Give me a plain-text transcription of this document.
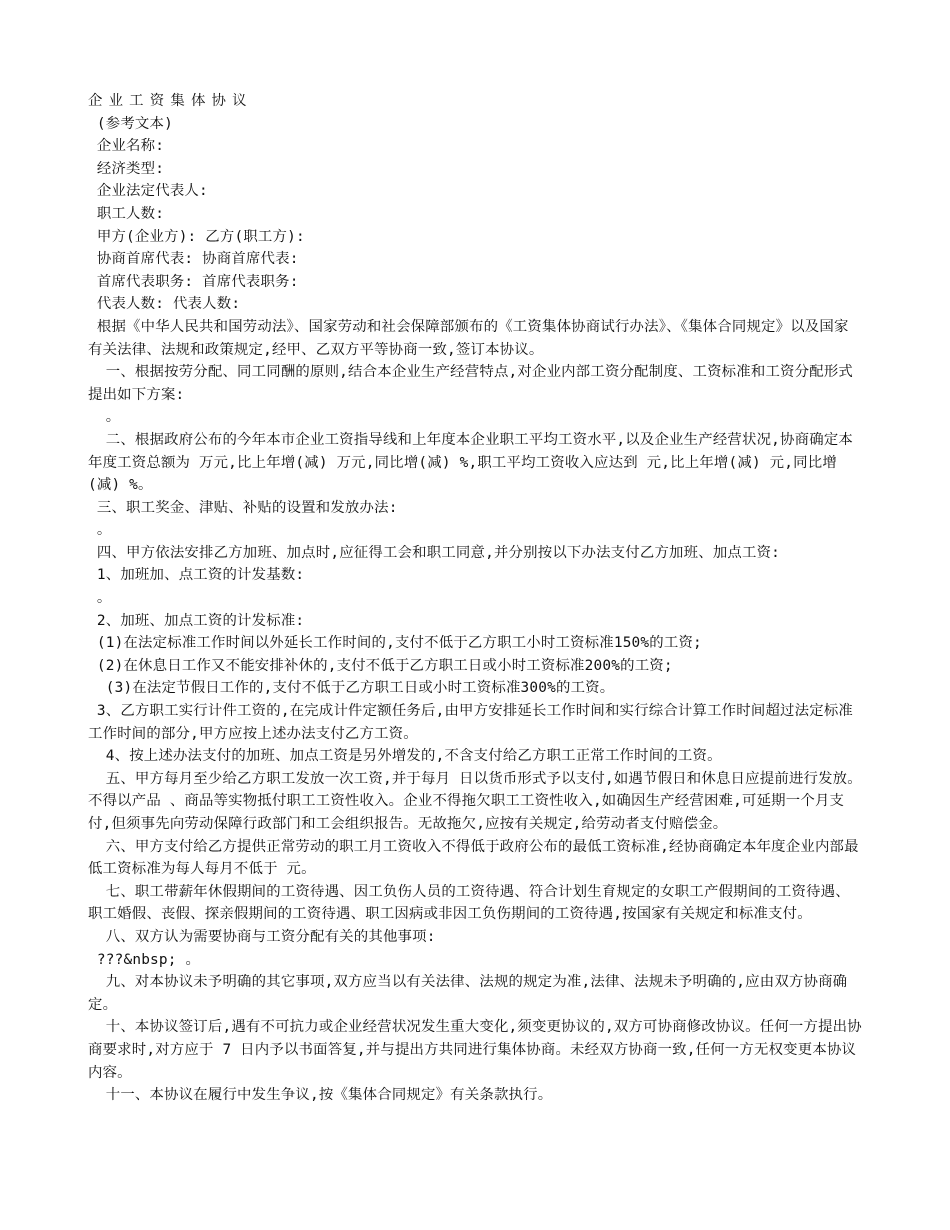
企业工资集体协议

(参考文本)

企业名称:

经济类型:

企业法定代表人:

职工人数:

甲方(企业方): 乙方(职工方):

协商首席代表: 协商首席代表:

首席代表职务: 首席代表职务:

代表人数: 代表人数:

根据《中华人民共和国劳动法》、国家劳动和社会保障部颁布的《工资集体协商试行办法》、《集体合同规定》以及国家有关法律、法规和政策规定,经甲、乙双方平等协商一致,签订本协议。

一、根据按劳分配、同工同酬的原则,结合本企业生产经营特点,对企业内部工资分配制度、工资标准和工资分配形式提出如下方案:

。

二、根据政府公布的今年本市企业工资指导线和上年度本企业职工平均工资水平,以及企业生产经营状况,协商确定本年度工资总额为 万元,比上年增(减) 万元,同比增(减) %,职工平均工资收入应达到 元,比上年增(减) 元,同比增(减) %。

三、职工奖金、津贴、补贴的设置和发放办法:

。

四、甲方依法安排乙方加班、加点时,应征得工会和职工同意,并分别按以下办法支付乙方加班、加点工资:

1、加班加、点工资的计发基数:

。

2、加班、加点工资的计发标准:

(1)在法定标准工作时间以外延长工作时间的,支付不低于乙方职工小时工资标准150%的工资;

(2)在休息日工作又不能安排补休的,支付不低于乙方职工日或小时工资标准200%的工资;

(3)在法定节假日工作的,支付不低于乙方职工日或小时工资标准300%的工资。

3、乙方职工实行计件工资的,在完成计件定额任务后,由甲方安排延长工作时间和实行综合计算工作时间超过法定标准工作时间的部分,甲方应按上述办法支付乙方工资。

4、按上述办法支付的加班、加点工资是另外增发的,不含支付给乙方职工正常工作时间的工资。

五、甲方每月至少给乙方职工发放一次工资,并于每月 日以货币形式予以支付,如遇节假日和休息日应提前进行发放。不得以产品 、商品等实物抵付职工工资性收入。企业不得拖欠职工工资性收入,如确因生产经营困难,可延期一个月支付,但须事先向劳动保障行政部门和工会组织报告。无故拖欠,应按有关规定,给劳动者支付赔偿金。

六、甲方支付给乙方提供正常劳动的职工月工资收入不得低于政府公布的最低工资标准,经协商确定本年度企业内部最低工资标准为每人每月不低于 元。

七、职工带薪年休假期间的工资待遇、因工负伤人员的工资待遇、符合计划生育规定的女职工产假期间的工资待遇、职工婚假、丧假、探亲假期间的工资待遇、职工因病或非因工负伤期间的工资待遇,按国家有关规定和标准支付。

八、双方认为需要协商与工资分配有关的其他事项:

???&nbsp; 。

九、对本协议未予明确的其它事项,双方应当以有关法律、法规的规定为准,法律、法规未予明确的,应由双方协商确定。

十、本协议签订后,遇有不可抗力或企业经营状况发生重大变化,须变更协议的,双方可协商修改协议。任何一方提出协商要求时,对方应于 7 日内予以书面答复,并与提出方共同进行集体协商。未经双方协商一致,任何一方无权变更本协议内容。

十一、本协议在履行中发生争议,按《集体合同规定》有关条款执行。
